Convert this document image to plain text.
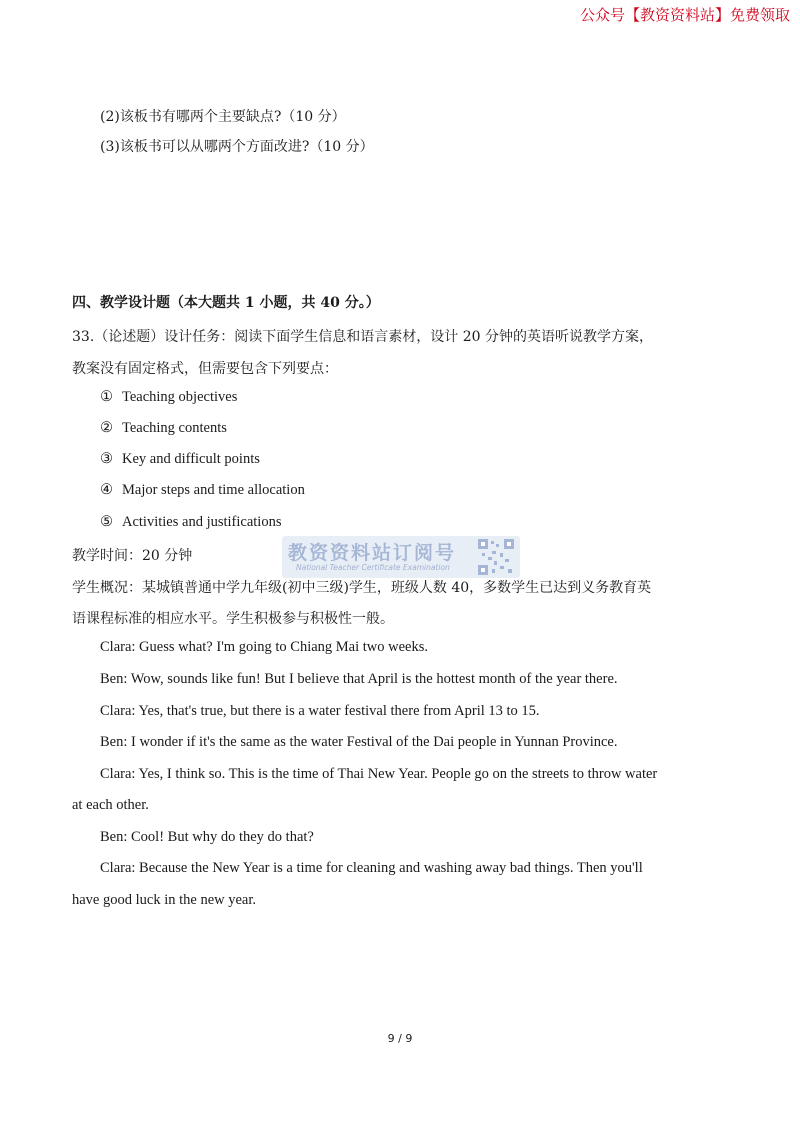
公众号【教资资料站】免费领取
(2)该板书有哪两个主要缺点?（10 分）
(3)该板书可以从哪两个方面改进?（10 分）
四、教学设计题（本大题共 1 小题，共 40 分。）
33.（论述题）设计任务：阅读下面学生信息和语言素材，设计 20 分钟的英语听说教学方案，
教案没有固定格式，但需要包含下列要点：
① Teaching objectives
② Teaching contents
③ Key and difficult points
④ Major steps and time allocation
⑤ Activities and justifications
教学时间：20 分钟
学生概况：某城镇普通中学九年级(初中三级)学生，班级人数 40，多数学生已达到义务教育英
语课程标准的相应水平。学生积极参与积极性一般。
Clara: Guess what? I'm going to Chiang Mai two weeks.
Ben: Wow, sounds like fun! But I believe that April is the hottest month of the year there.
Clara: Yes, that's true, but there is a water festival there from April 13 to 15.
Ben: I wonder if it's the same as the water Festival of the Dai people in Yunnan Province.
Clara: Yes, I think so. This is the time of Thai New Year. People go on the streets to throw water
at each other.
Ben: Cool! But why do they do that?
Clara: Because the New Year is a time for cleaning and washing away bad things. Then you'll
have good luck in the new year.
教资资料站订阅号
National Teacher Certificate Examination
9 / 9
